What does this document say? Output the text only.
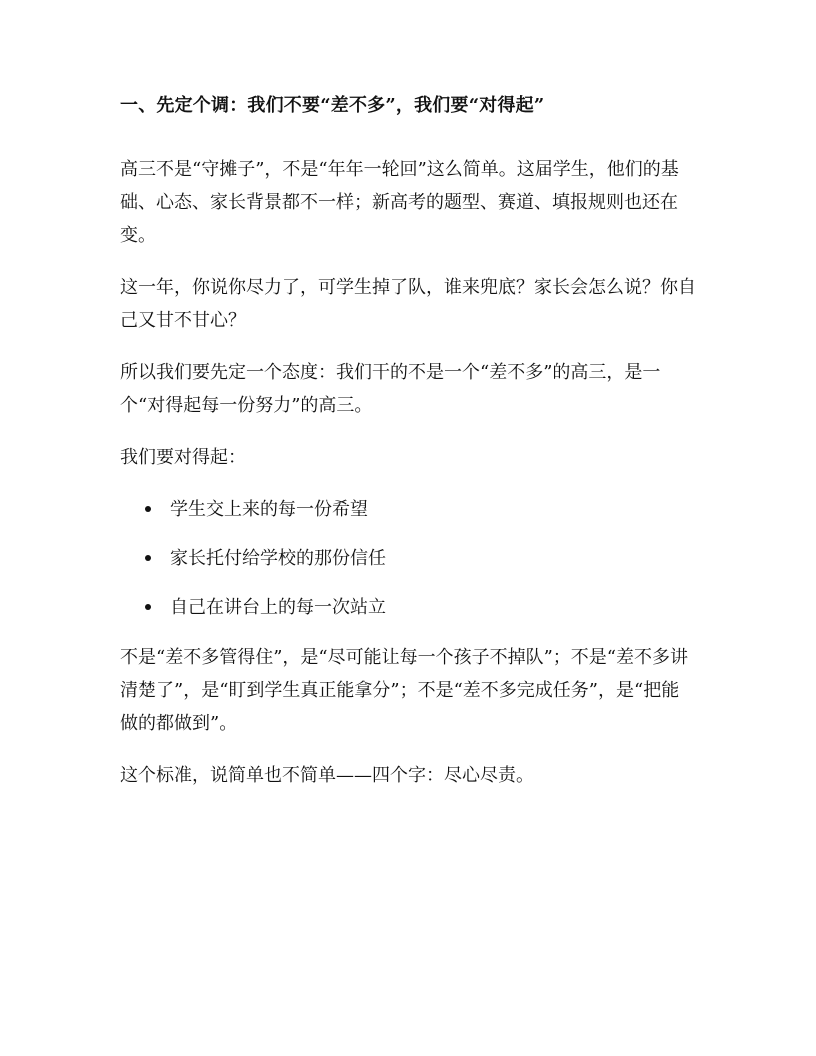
一、先定个调：我们不要“差不多”，我们要“对得起”

高三不是“守摊子”，不是“年年一轮回”这么简单。这届学生，他们的基础、心态、家长背景都不一样；新高考的题型、赛道、填报规则也还在变。

这一年，你说你尽力了，可学生掉了队，谁来兜底？家长会怎么说？你自己又甘不甘心？

所以我们要先定一个态度：我们干的不是一个“差不多”的高三，是一个“对得起每一份努力”的高三。

我们要对得起：

学生交上来的每一份希望
家长托付给学校的那份信任
自己在讲台上的每一次站立

不是“差不多管得住”，是“尽可能让每一个孩子不掉队”；不是“差不多讲清楚了”，是“盯到学生真正能拿分”；不是“差不多完成任务”，是“把能做的都做到”。

这个标准，说简单也不简单——四个字：尽心尽责。
